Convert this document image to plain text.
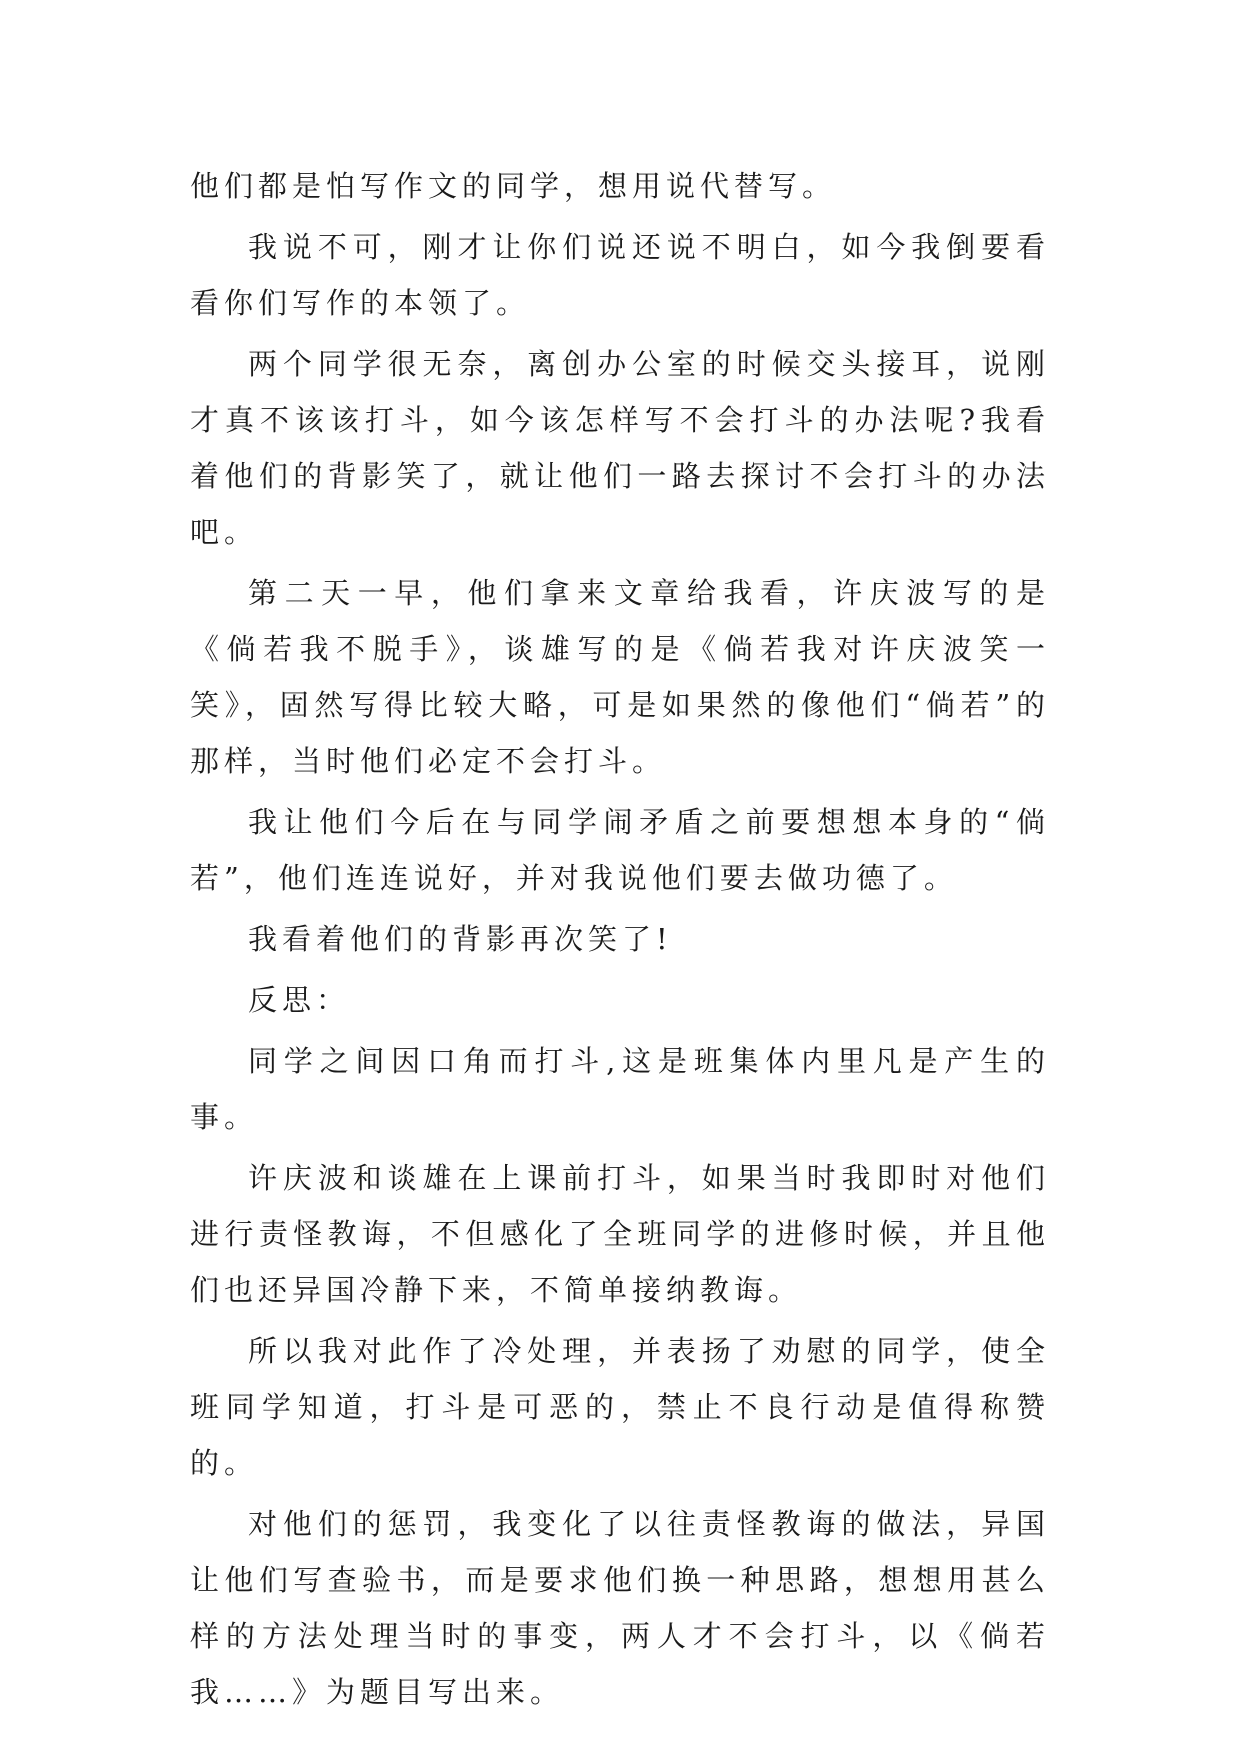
他们都是怕写作文的同学，想用说代替写。

我说不可，刚才让你们说还说不明白，如今我倒要看看你们写作的本领了。

两个同学很无奈，离创办公室的时候交头接耳，说刚才真不该该打斗，如今该怎样写不会打斗的办法呢?我看着他们的背影笑了，就让他们一路去探讨不会打斗的办法吧。

第二天一早，他们拿来文章给我看，许庆波写的是《倘若我不脱手》，谈雄写的是《倘若我对许庆波笑一笑》，固然写得比较大略，可是如果然的像他们“倘若”的那样，当时他们必定不会打斗。

我让他们今后在与同学闹矛盾之前要想想本身的“倘若”，他们连连说好，并对我说他们要去做功德了。

我看着他们的背影再次笑了!

反思：

同学之间因口角而打斗,这是班集体内里凡是产生的事。

许庆波和谈雄在上课前打斗，如果当时我即时对他们进行责怪教诲，不但感化了全班同学的进修时候，并且他们也还异国冷静下来，不简单接纳教诲。

所以我对此作了冷处理，并表扬了劝慰的同学，使全班同学知道，打斗是可恶的，禁止不良行动是值得称赞的。

对他们的惩罚，我变化了以往责怪教诲的做法，异国让他们写查验书，而是要求他们换一种思路，想想用甚么样的方法处理当时的事变，两人才不会打斗，以《倘若我……》为题目写出来。
